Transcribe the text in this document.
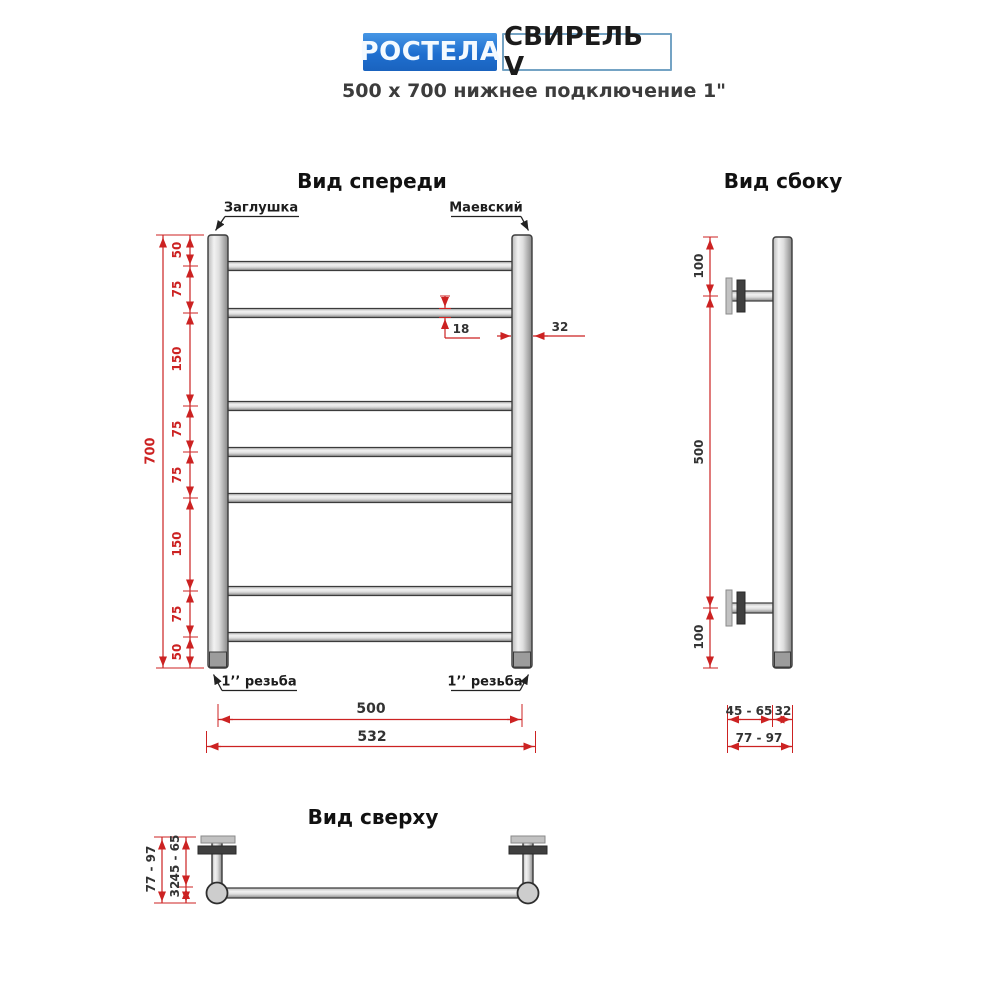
РОСТЕЛА СВИРЕЛЬ V
500 x 700 нижнее подключение 1"
Вид спереди	Вид сбоку
Вид сверху
Заглушка	Маевский
1’’ резьба	1’’ резьба
50
75
150
75
75
150
75
50
700
18	32
500
532
100
500
100
45 - 65 32
77 - 97
77 - 97 45 - 65
32
